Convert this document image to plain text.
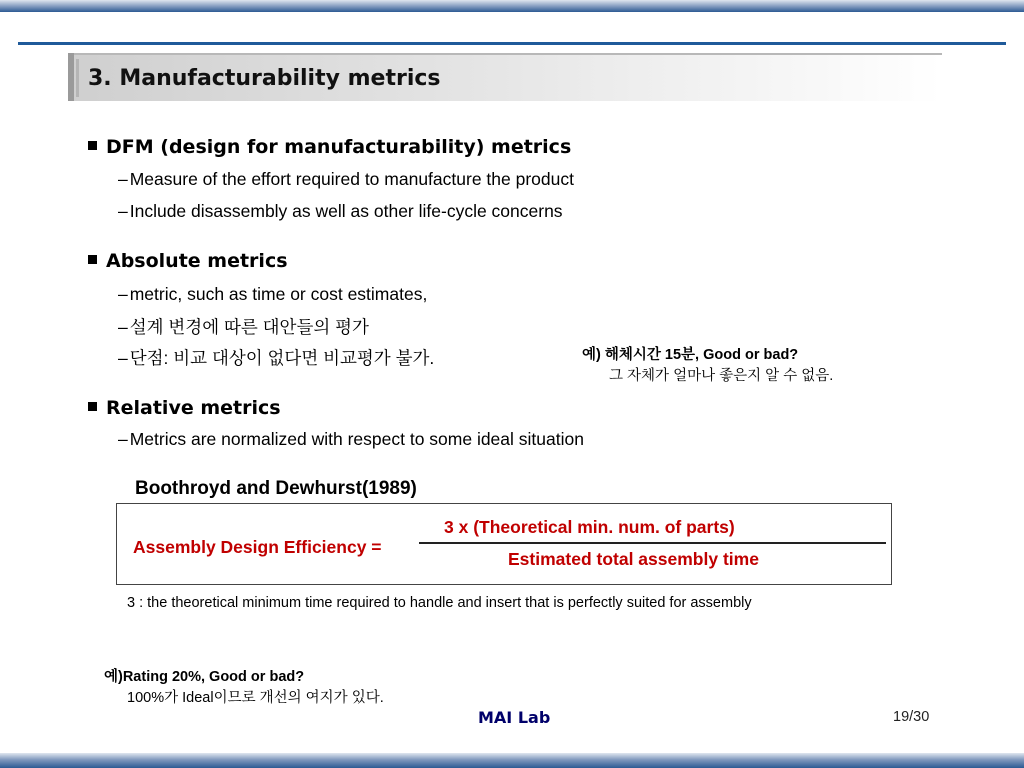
3. Manufacturability metrics
DFM (design for manufacturability) metrics
– Measure of the effort required to manufacture the product
– Include disassembly as well as other life-cycle concerns
Absolute metrics
– metric, such as time or cost estimates,
– 설계 변경에 따른 대안들의 평가
– 단점: 비교 대상이 없다면 비교평가 불가.	예) 해체시간 15분, Good or bad?
그 자체가 얼마나 좋은지 알 수 없음.
Relative metrics
– Metrics are normalized with respect to some ideal situation
Boothroyd and Dewhurst(1989)
Assembly Design Efficiency =
3 x (Theoretical min. num. of parts)
Estimated total assembly time
3 : the theoretical minimum time required to handle and insert that is perfectly suited for assembly
예)Rating 20%, Good or bad?
100%가 Ideal이므로 개선의 여지가 있다.
MAI Lab	19/30
